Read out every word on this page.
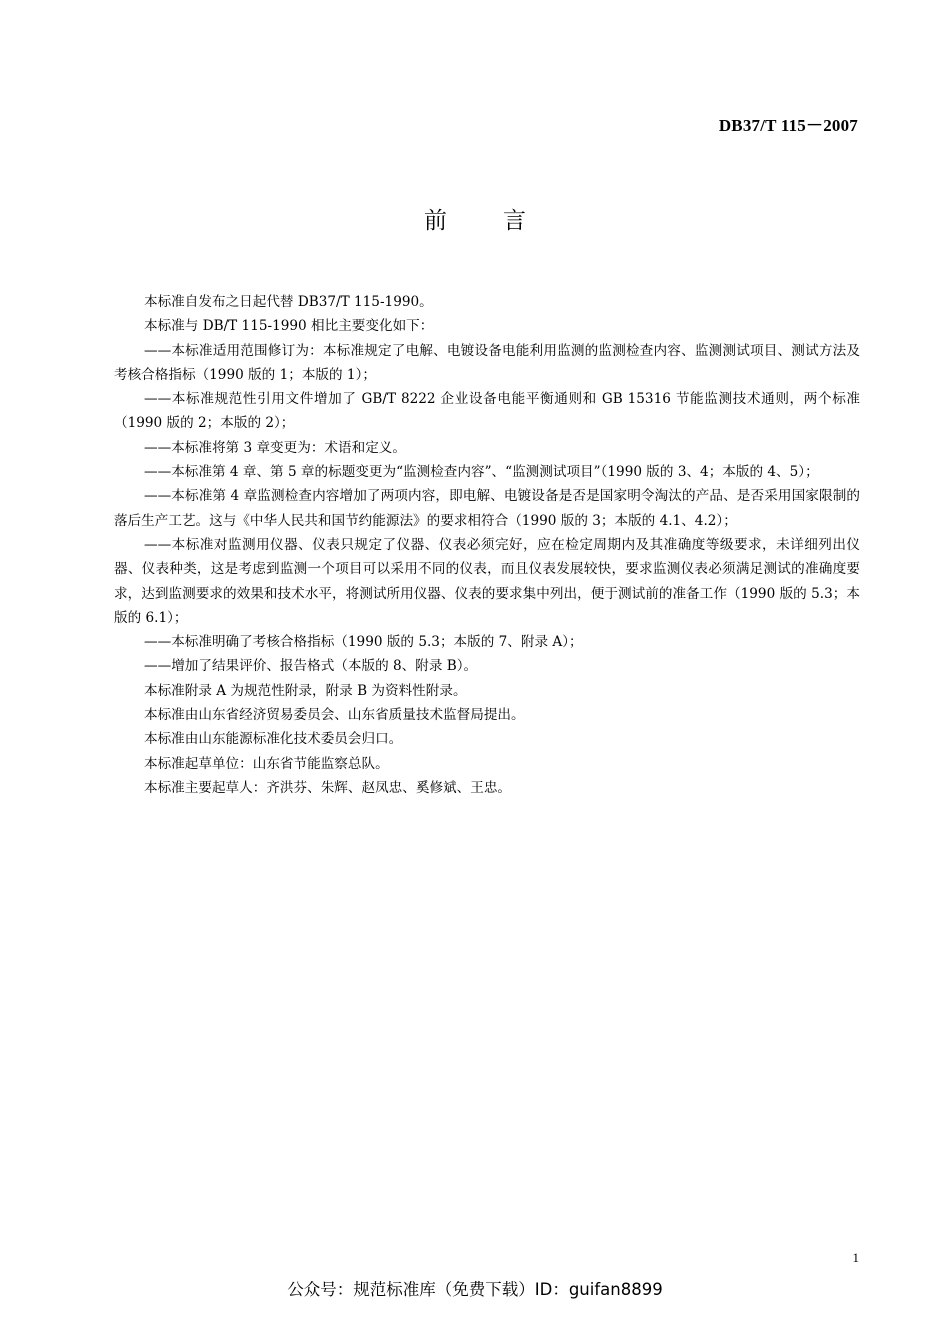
DB37/T 115－2007
前言

本标准自发布之日起代替 DB37/T 115-1990。

本标准与 DB/T 115-1990 相比主要变化如下：

——本标准适用范围修订为：本标准规定了电解、电镀设备电能利用监测的监测检查内容、监测测试项目、测试方法及考核合格指标（1990 版的 1；本版的 1）；

——本标准规范性引用文件增加了 GB/T 8222 企业设备电能平衡通则和 GB 15316 节能监测技术通则，两个标准（1990 版的 2；本版的 2）；

——本标准将第 3 章变更为：术语和定义。

——本标准第 4 章、第 5 章的标题变更为“监测检查内容”、“监测测试项目”（1990 版的 3、4；本版的 4、5）；

——本标准第 4 章监测检查内容增加了两项内容，即电解、电镀设备是否是国家明令淘汰的产品、是否采用国家限制的落后生产工艺。这与《中华人民共和国节约能源法》的要求相符合（1990 版的 3；本版的 4.1、4.2）；

——本标准对监测用仪器、仪表只规定了仪器、仪表必须完好，应在检定周期内及其准确度等级要求，未详细列出仪器、仪表种类，这是考虑到监测一个项目可以采用不同的仪表，而且仪表发展较快，要求监测仪表必须满足测试的准确度要求，达到监测要求的效果和技术水平，将测试所用仪器、仪表的要求集中列出，便于测试前的准备工作（1990 版的 5.3；本版的 6.1）；

——本标准明确了考核合格指标（1990 版的 5.3；本版的 7、附录 A）；

——增加了结果评价、报告格式（本版的 8、附录 B）。

本标准附录 A 为规范性附录，附录 B 为资料性附录。

本标准由山东省经济贸易委员会、山东省质量技术监督局提出。

本标准由山东能源标准化技术委员会归口。

本标准起草单位：山东省节能监察总队。

本标准主要起草人：齐洪芬、朱辉、赵凤忠、奚修斌、王忠。

1
公众号：规范标准库（免费下载）ID：guifan8899
